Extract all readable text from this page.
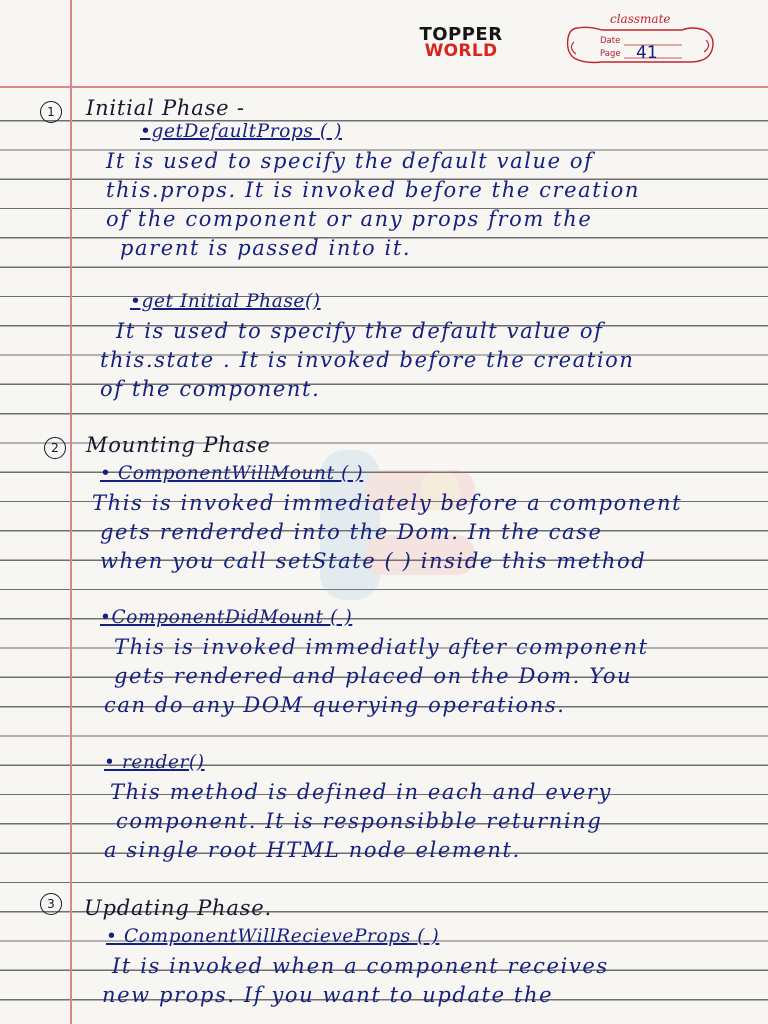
TOPPER
WORLD
classmate
Date
Page 41
1	Initial Phase -
•getDefaultProps ( )
It is used to specify the default value of
this.props. It is invoked before the creation
of the component or any props from the
parent is passed into it.
•get Initial Phase()
It is used to specify the default value of
this.state . It is invoked before the creation
of the component.
2	Mounting Phase
• ComponentWillMount ( )
This is invoked immediately before a component
gets renderded into the Dom. In the case
when you call setState ( ) inside this method
•ComponentDidMount ( )
This is invoked immediatly after component
gets rendered and placed on the Dom. You
can do any DOM querying operations.
• render()
This method is defined in each and every
component. It is responsibble returning
a single root HTML node element.
3	Updating Phase.
• ComponentWillRecieveProps ( )
It is invoked when a component receives
new props. If you want to update the
